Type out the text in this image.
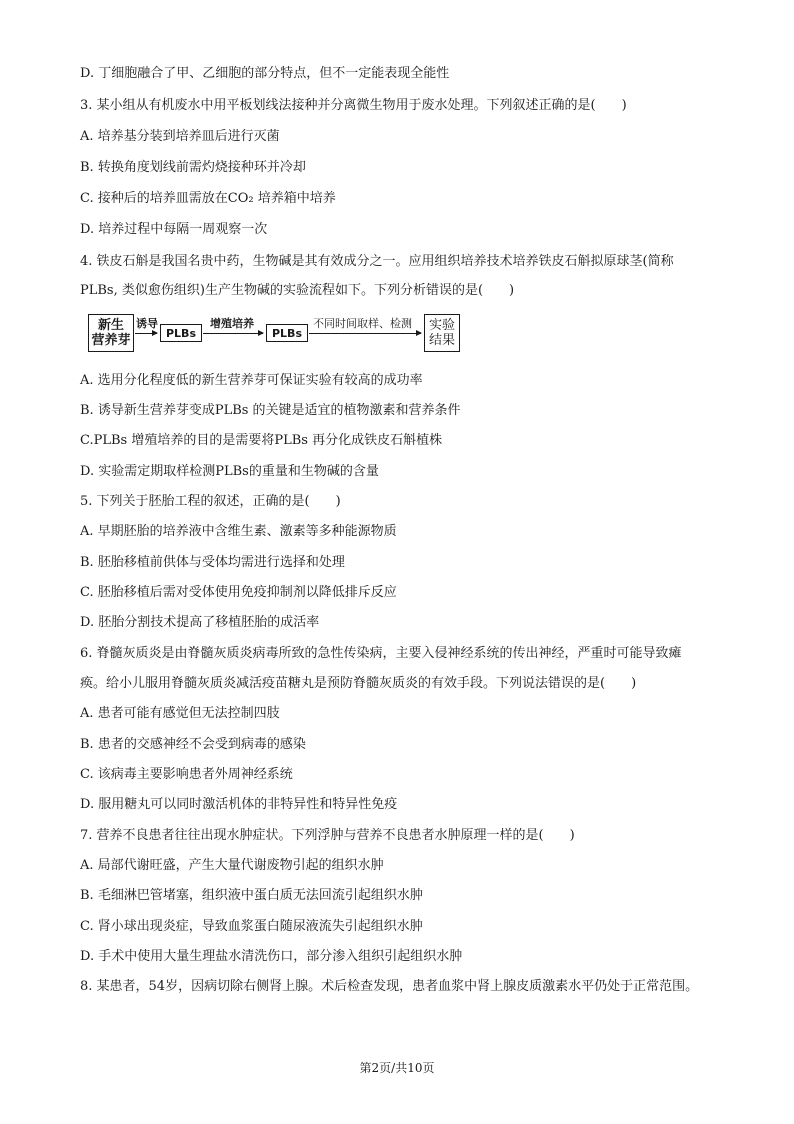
D. 丁细胞融合了甲、乙细胞的部分特点，但不一定能表现全能性
3. 某小组从有机废水中用平板划线法接种并分离微生物用于废水处理。下列叙述正确的是(　　)
A. 培养基分装到培养皿后进行灭菌
B. 转换角度划线前需灼烧接种环并冷却
C. 接种后的培养皿需放在CO₂ 培养箱中培养
D. 培养过程中每隔一周观察一次
4. 铁皮石斛是我国名贵中药，生物碱是其有效成分之一。应用组织培养技术培养铁皮石斛拟原球茎(简称
PLBs, 类似愈伤组织)生产生物碱的实验流程如下。下列分析错误的是(　　)
新生
营养芽
诱导
PLBs
增殖培养
PLBs
不同时间取样、检测	实验
结果
A. 选用分化程度低的新生营养芽可保证实验有较高的成功率
B. 诱导新生营养芽变成PLBs 的关键是适宜的植物激素和营养条件
C.PLBs 增殖培养的目的是需要将PLBs 再分化成铁皮石斛植株
D. 实验需定期取样检测PLBs的重量和生物碱的含量
5. 下列关于胚胎工程的叙述，正确的是(　　)
A. 早期胚胎的培养液中含维生素、激素等多种能源物质
B. 胚胎移植前供体与受体均需进行选择和处理
C. 胚胎移植后需对受体使用免疫抑制剂以降低排斥反应
D. 胚胎分割技术提高了移植胚胎的成活率
6. 脊髓灰质炎是由脊髓灰质炎病毒所致的急性传染病，主要入侵神经系统的传出神经，严重时可能导致瘫
痪。给小儿服用脊髓灰质炎减活疫苗糖丸是预防脊髓灰质炎的有效手段。下列说法错误的是(　　)
A. 患者可能有感觉但无法控制四肢
B. 患者的交感神经不会受到病毒的感染
C. 该病毒主要影响患者外周神经系统
D. 服用糖丸可以同时激活机体的非特异性和特异性免疫
7. 营养不良患者往往出现水肿症状。下列浮肿与营养不良患者水肿原理一样的是(　　)
A. 局部代谢旺盛，产生大量代谢废物引起的组织水肿
B. 毛细淋巴管堵塞，组织液中蛋白质无法回流引起组织水肿
C. 肾小球出现炎症，导致血浆蛋白随尿液流失引起组织水肿
D. 手术中使用大量生理盐水清洗伤口，部分渗入组织引起组织水肿
8. 某患者，54岁，因病切除右侧肾上腺。术后检查发现，患者血浆中肾上腺皮质激素水平仍处于正常范围。
第2页/共10页
